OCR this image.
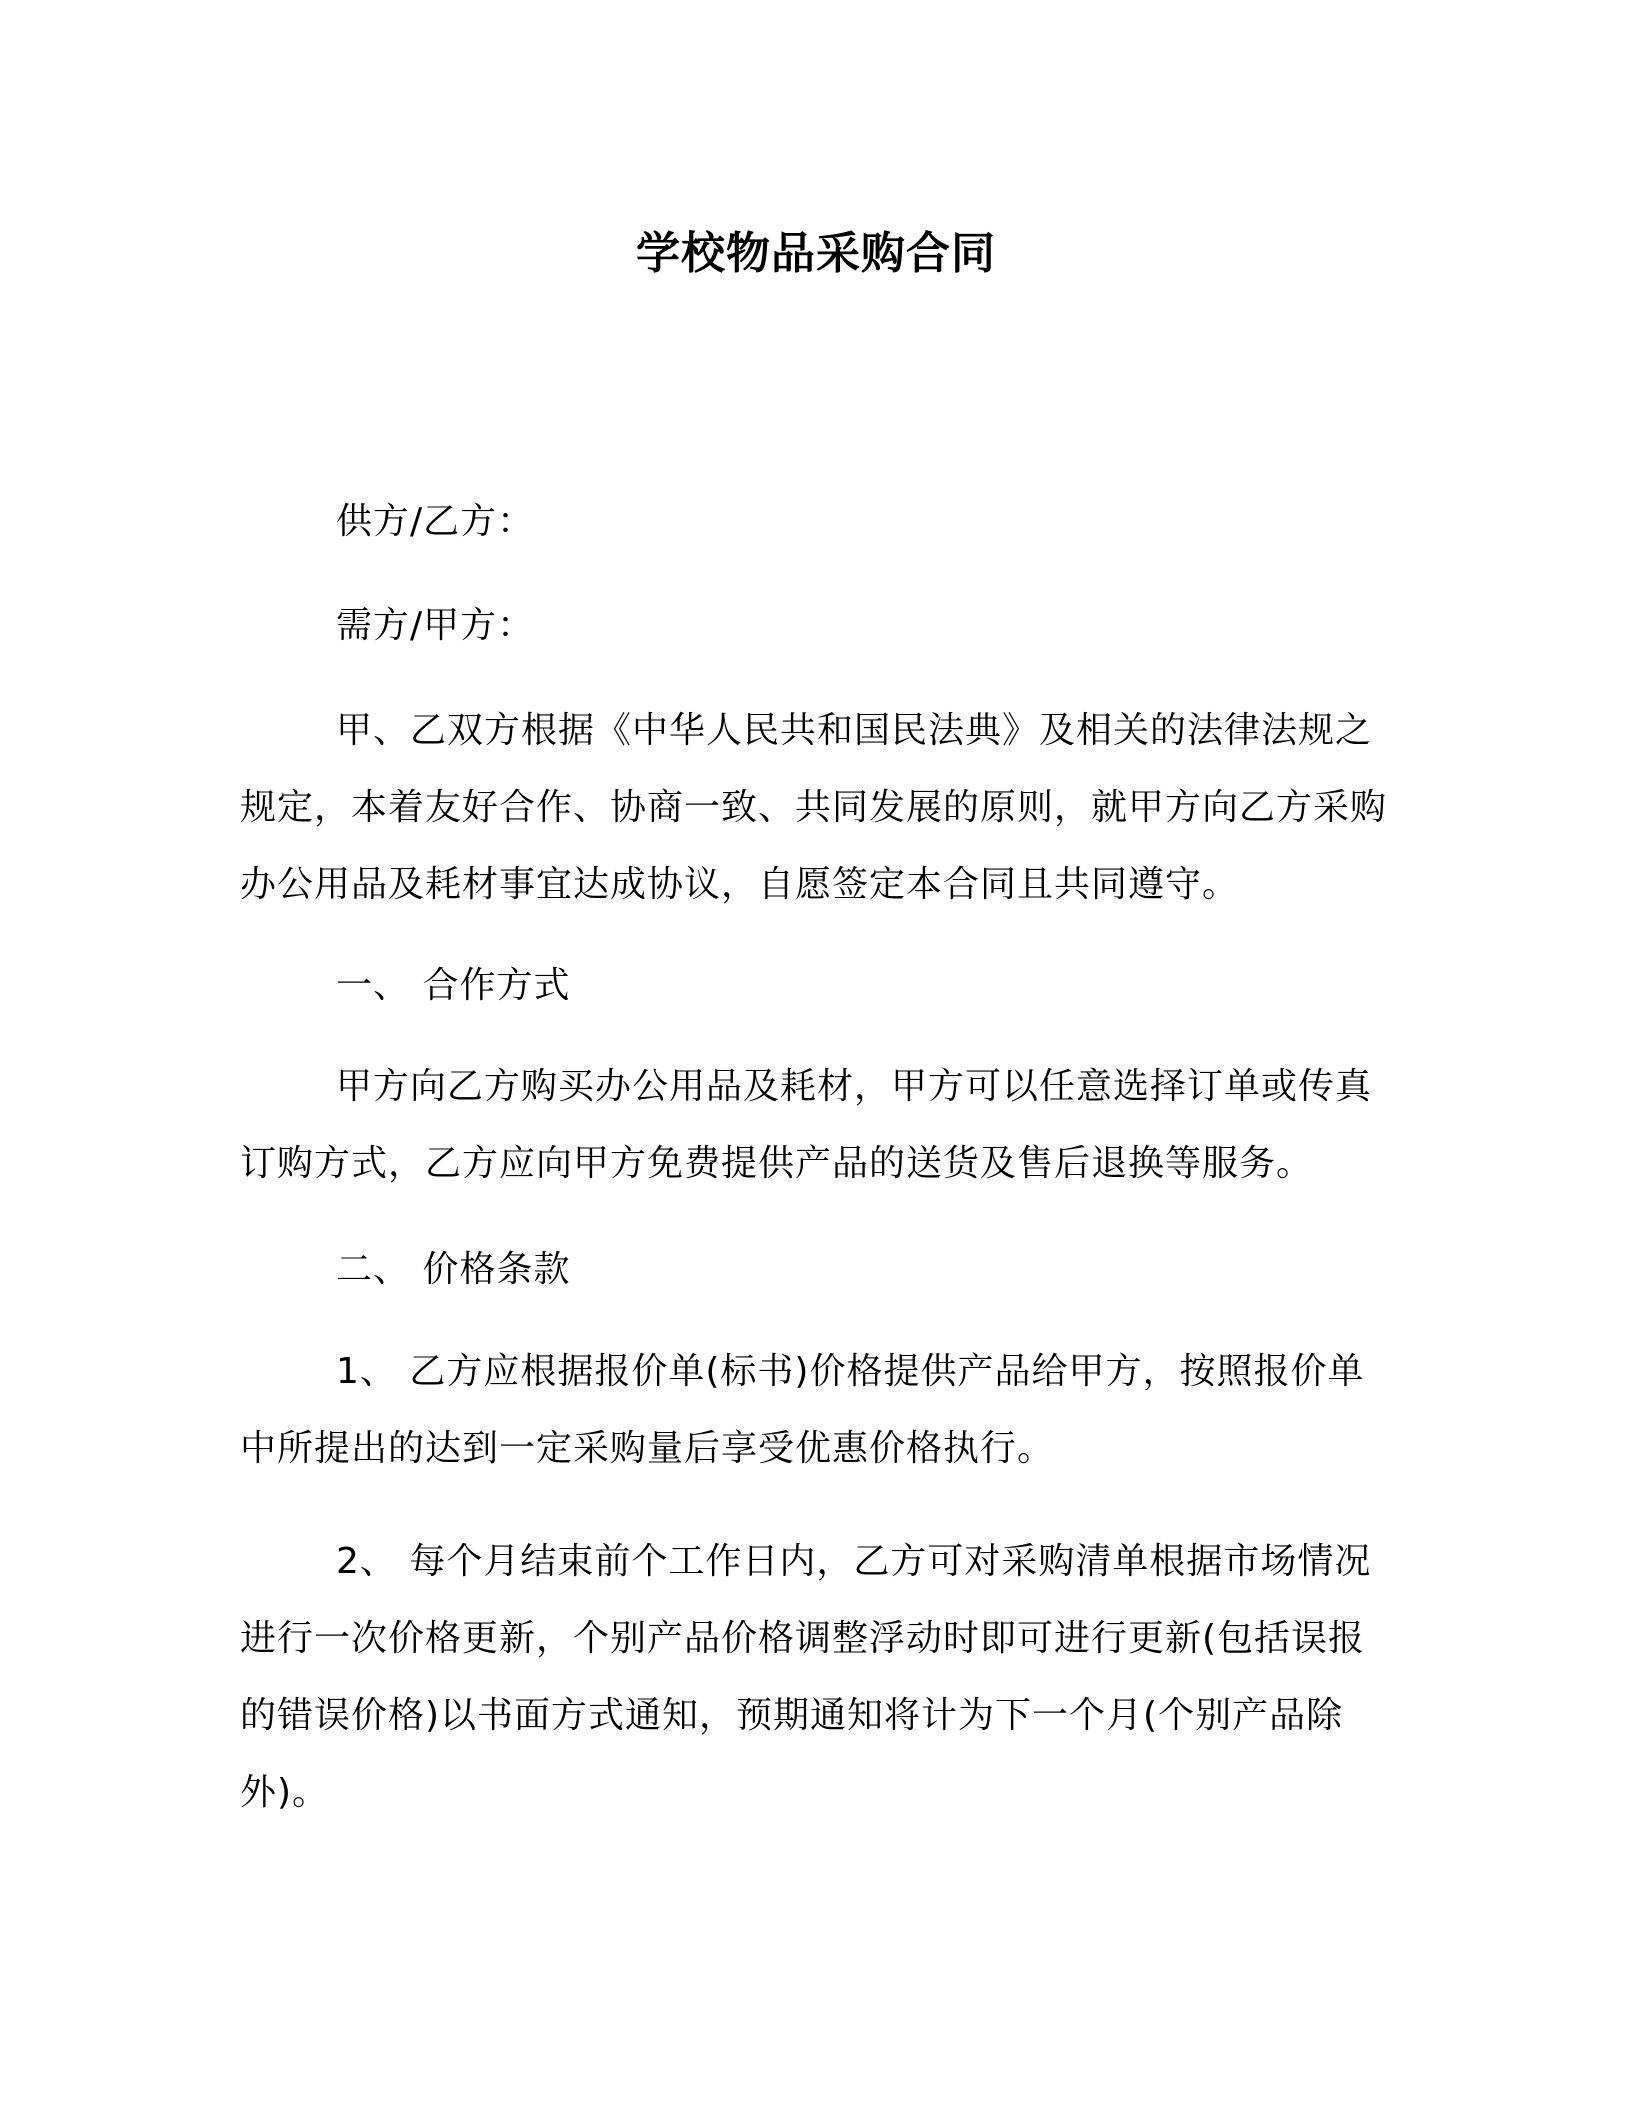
学校物品采购合同
供方/乙方：
需方/甲方：

甲、乙双方根据《中华人民共和国民法典》及相关的法律法规之规定，本着友好合作、协商一致、共同发展的原则，就甲方向乙方采购办公用品及耗材事宜达成协议，自愿签定本合同且共同遵守。

一、 合作方式

甲方向乙方购买办公用品及耗材，甲方可以任意选择订单或传真订购方式，乙方应向甲方免费提供产品的送货及售后退换等服务。

二、 价格条款

1、 乙方应根据报价单(标书)价格提供产品给甲方，按照报价单中所提出的达到一定采购量后享受优惠价格执行。

2、 每个月结束前个工作日内，乙方可对采购清单根据市场情况进行一次价格更新，个别产品价格调整浮动时即可进行更新(包括误报的错误价格)以书面方式通知，预期通知将计为下一个月(个别产品除外)。
